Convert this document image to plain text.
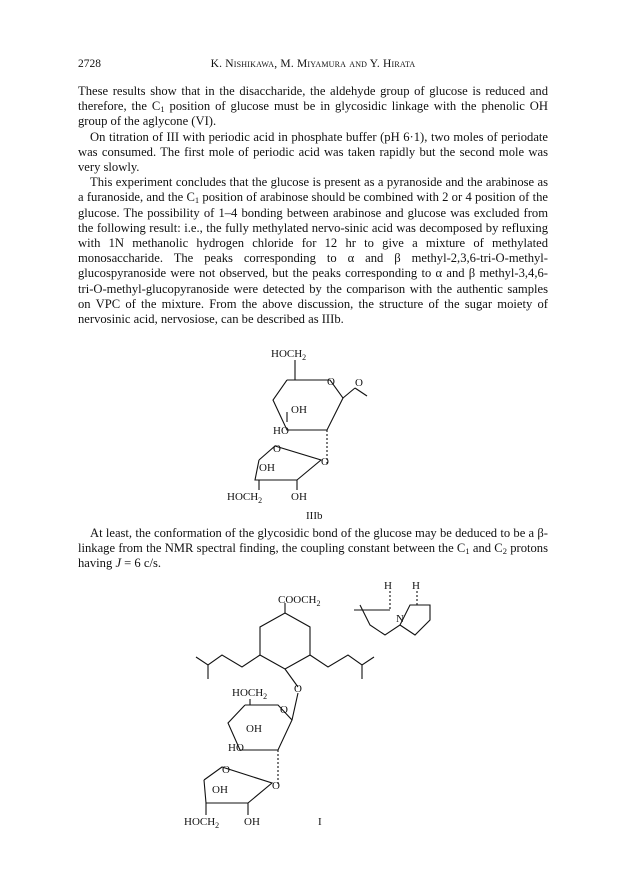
2728	K. Nishikawa, M. Miyamura and Y. Hirata

These results show that in the disaccharide, the aldehyde group of glucose is reduced and therefore, the $C_1$ position of glucose must be in glycosidic linkage with the phenolic OH group of the aglycone (VI).

On titration of III with periodic acid in phosphate buffer (pH 6·1), two moles of periodate was consumed. The first mole of periodic acid was taken rapidly but the second mole was very slowly.

This experiment concludes that the glucose is present as a pyranoside and the arabinose as a furanoside, and the $C_1$ position of arabinose should be combined with 2 or 4 position of the glucose. The possibility of 1–4 bonding between arabinose and glucose was excluded from the following result: i.e., the fully methylated nervo-sinic acid was decomposed by refluxing with 1N methanolic hydrogen chloride for 12 hr to give a mixture of methylated monosaccharide. The peaks corresponding to α and β methyl-2,3,6-tri-O-methyl-glucospyranoside were not observed, but the peaks corresponding to α and β methyl-3,4,6-tri-O-methyl-glucopyranoside were detected by the comparison with the authentic samples on VPC of the mixture. From the above discussion, the structure of the sugar moiety of nervosinic acid, nervosiose, can be described as IIIb.

$HOCH_2$
O O
OH
HO
O
O
OH
$HOCH_2$	OH
IIIb

At least, the conformation of the glycosidic bond of the glucose may be deduced to be a β-linkage from the NMR spectral finding, the coupling constant between the $C_1$ and $C_2$ protons having J = 6 c/s.

H H
$COOCH_2$
N
O
$HOCH_2$
O
OH
HO
O
O
OH
$HOCH_2$ OH	I
